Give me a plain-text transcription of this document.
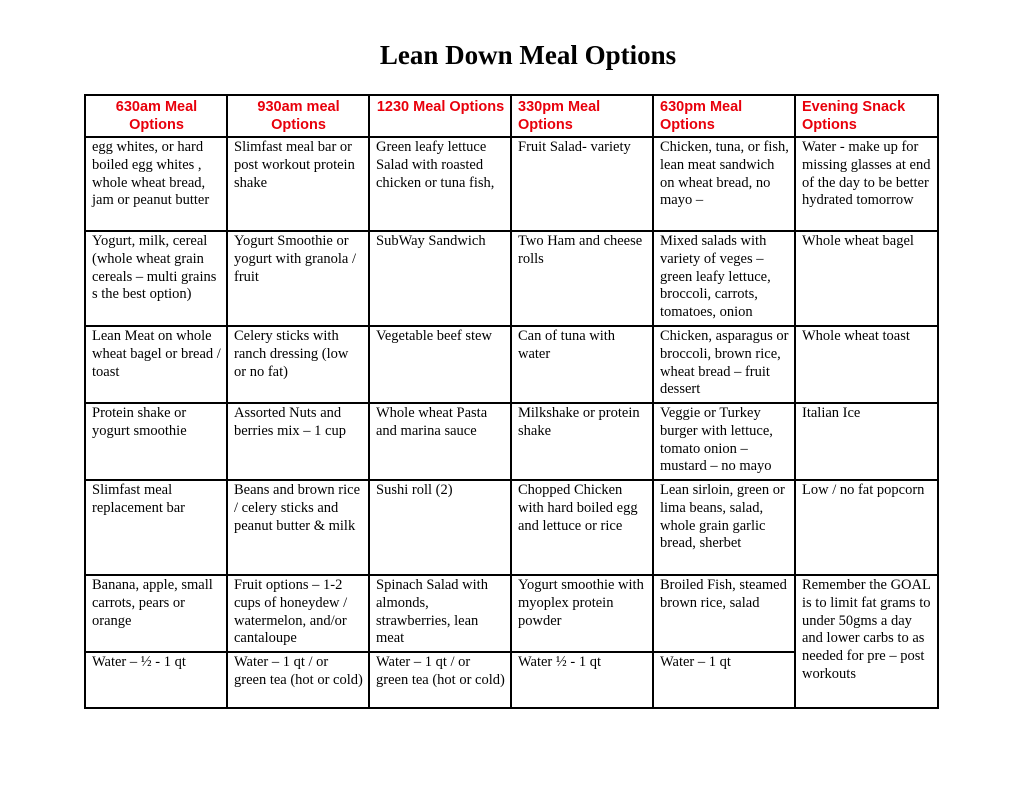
Lean Down Meal Options
630am Meal Options	930am meal Options	1230 Meal Options	330pm Meal Options	630pm Meal Options	Evening Snack Options
egg whites, or hard boiled egg whites , whole wheat bread, jam or peanut butter	Slimfast meal bar or post workout protein shake	Green leafy lettuce Salad with roasted chicken or tuna fish,	Fruit Salad- variety	Chicken, tuna, or fish, lean meat sandwich on wheat bread, no mayo –	Water - make up for missing glasses at end of the day to be better hydrated tomorrow
Yogurt, milk, cereal (whole wheat grain cereals – multi grains s the best option)	Yogurt Smoothie or yogurt with granola / fruit	SubWay Sandwich	Two Ham and cheese rolls	Mixed salads with variety of veges – green leafy lettuce, broccoli, carrots, tomatoes, onion	Whole wheat bagel
Lean Meat on whole wheat bagel or bread / toast	Celery sticks with ranch dressing (low or no fat)	Vegetable beef stew	Can of tuna with water	Chicken, asparagus or broccoli, brown rice, wheat bread – fruit dessert	Whole wheat toast
Protein shake or yogurt smoothie	Assorted Nuts and berries mix – 1 cup	Whole wheat Pasta and marina sauce	Milkshake or protein shake	Veggie or Turkey burger with lettuce, tomato onion – mustard – no mayo	Italian Ice
Slimfast meal replacement bar	Beans and brown rice / celery sticks and peanut butter & milk	Sushi roll (2)	Chopped Chicken with hard boiled egg and lettuce or rice	Lean sirloin, green or lima beans, salad, whole grain garlic bread, sherbet	Low / no fat popcorn
Banana, apple, small carrots, pears or orange	Fruit options – 1-2 cups of honeydew / watermelon, and/or cantaloupe	Spinach Salad with almonds, strawberries, lean meat	Yogurt smoothie with myoplex protein powder	Broiled Fish, steamed brown rice, salad	Remember the GOAL is to limit fat grams to under 50gms a day and lower carbs to as needed for pre – post workouts
Water – ½ - 1 qt	Water – 1 qt / or green tea (hot or cold)	Water – 1 qt / or green tea (hot or cold)	Water ½ - 1 qt	Water – 1 qt	
